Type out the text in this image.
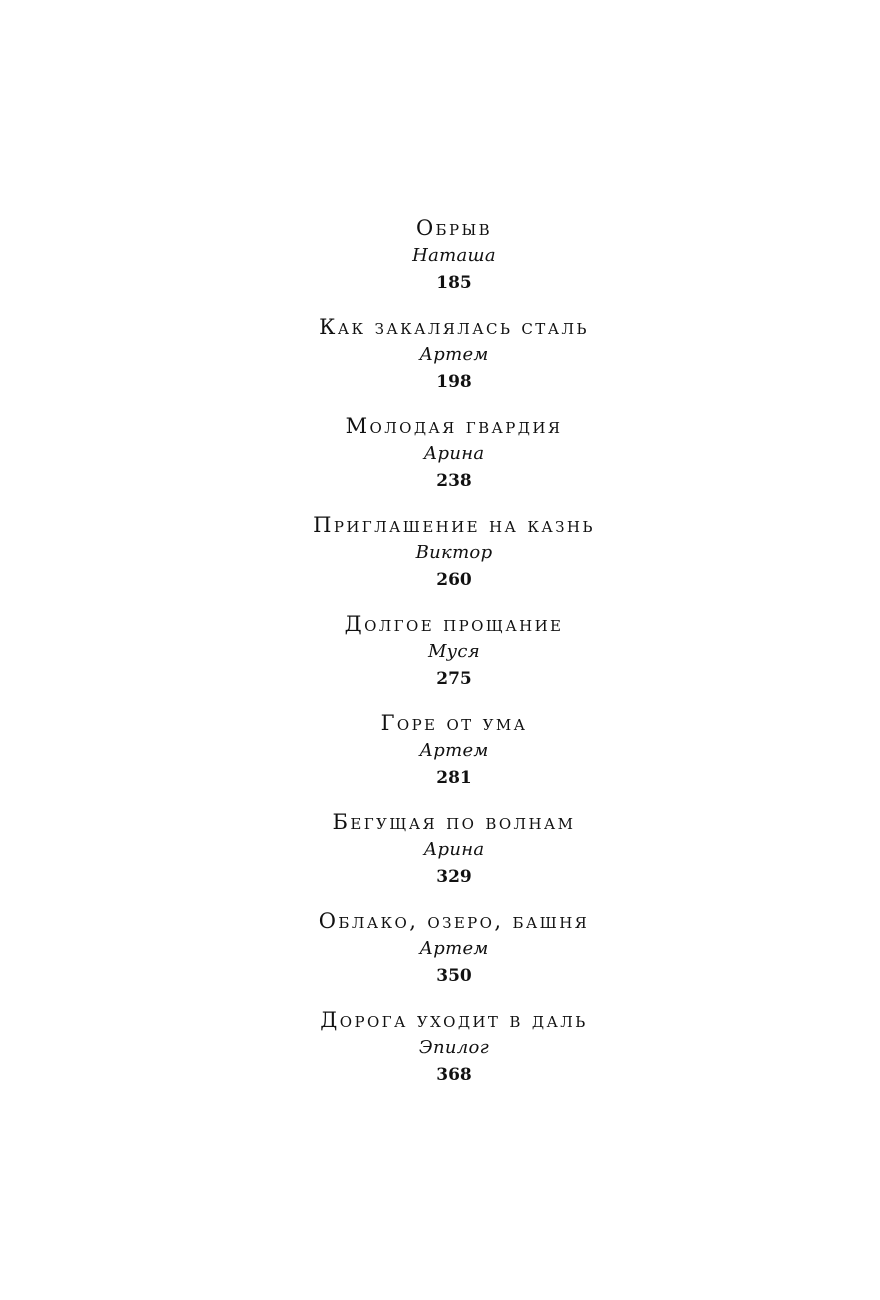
Обрыв
Наташа
185
Как закалялась сталь
Артем
198
Молодая гвардия
Арина
238
Приглашение на казнь
Виктор
260
Долгое прощание
Муся
275
Горе от ума
Артем
281
Бегущая по волнам
Арина
329
Облако, озеро, башня
Артем
350
Дорога уходит в даль
Эпилог
368
